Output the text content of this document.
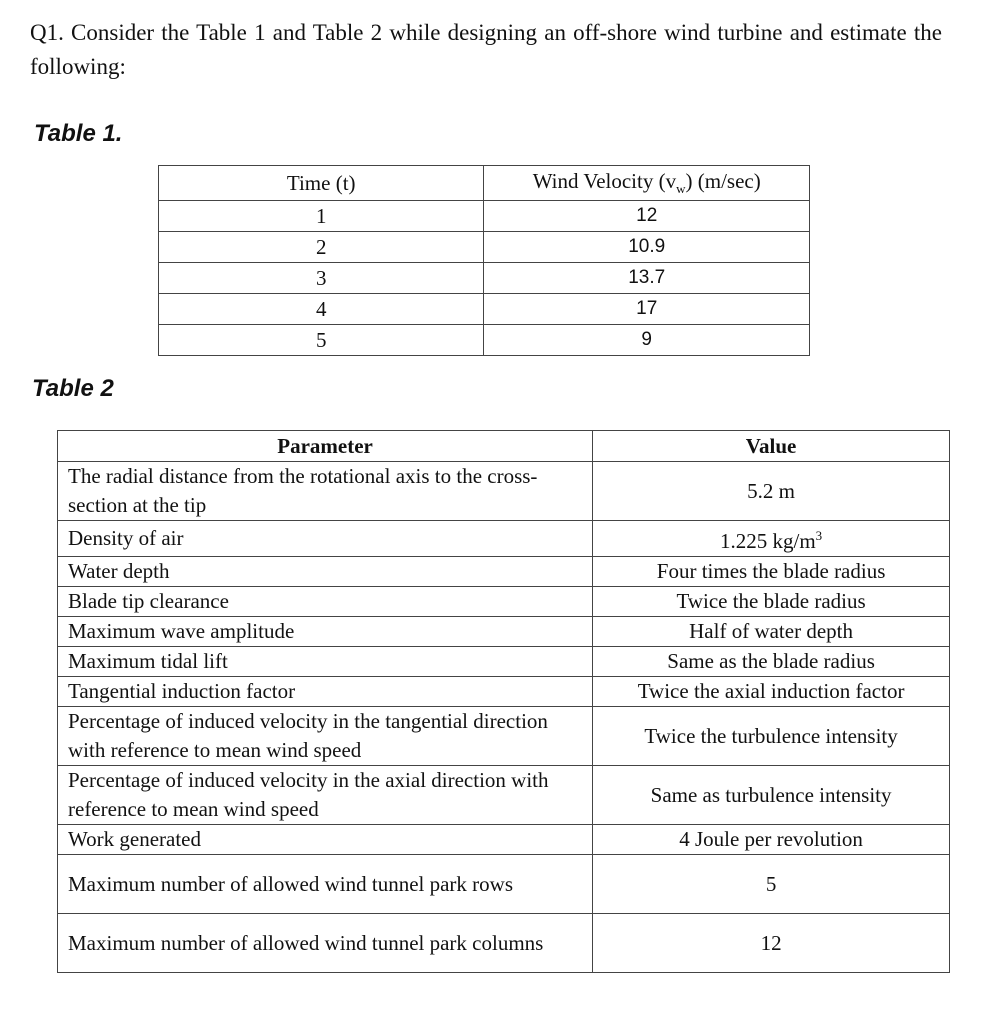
Q1. Consider the Table 1 and Table 2 while designing an off-shore wind turbine and estimate the following:
Table 1.
Time (t)	Wind Velocity $(v_w)$ (m/sec)
1	12
2	10.9
3	13.7
4	17
5	9
Table 2
Parameter	Value
The radial distance from the rotational axis to the cross-section at the tip	5.2 m
Density of air	1.225 $kg/m^3$
Water depth	Four times the blade radius
Blade tip clearance	Twice the blade radius
Maximum wave amplitude	Half of water depth
Maximum tidal lift	Same as the blade radius
Tangential induction factor	Twice the axial induction factor
Percentage of induced velocity in the tangential direction with reference to mean wind speed	Twice the turbulence intensity
Percentage of induced velocity in the axial direction with reference to mean wind speed	Same as turbulence intensity
Work generated	4 Joule per revolution
Maximum number of allowed wind tunnel park rows	5
Maximum number of allowed wind tunnel park columns	12
